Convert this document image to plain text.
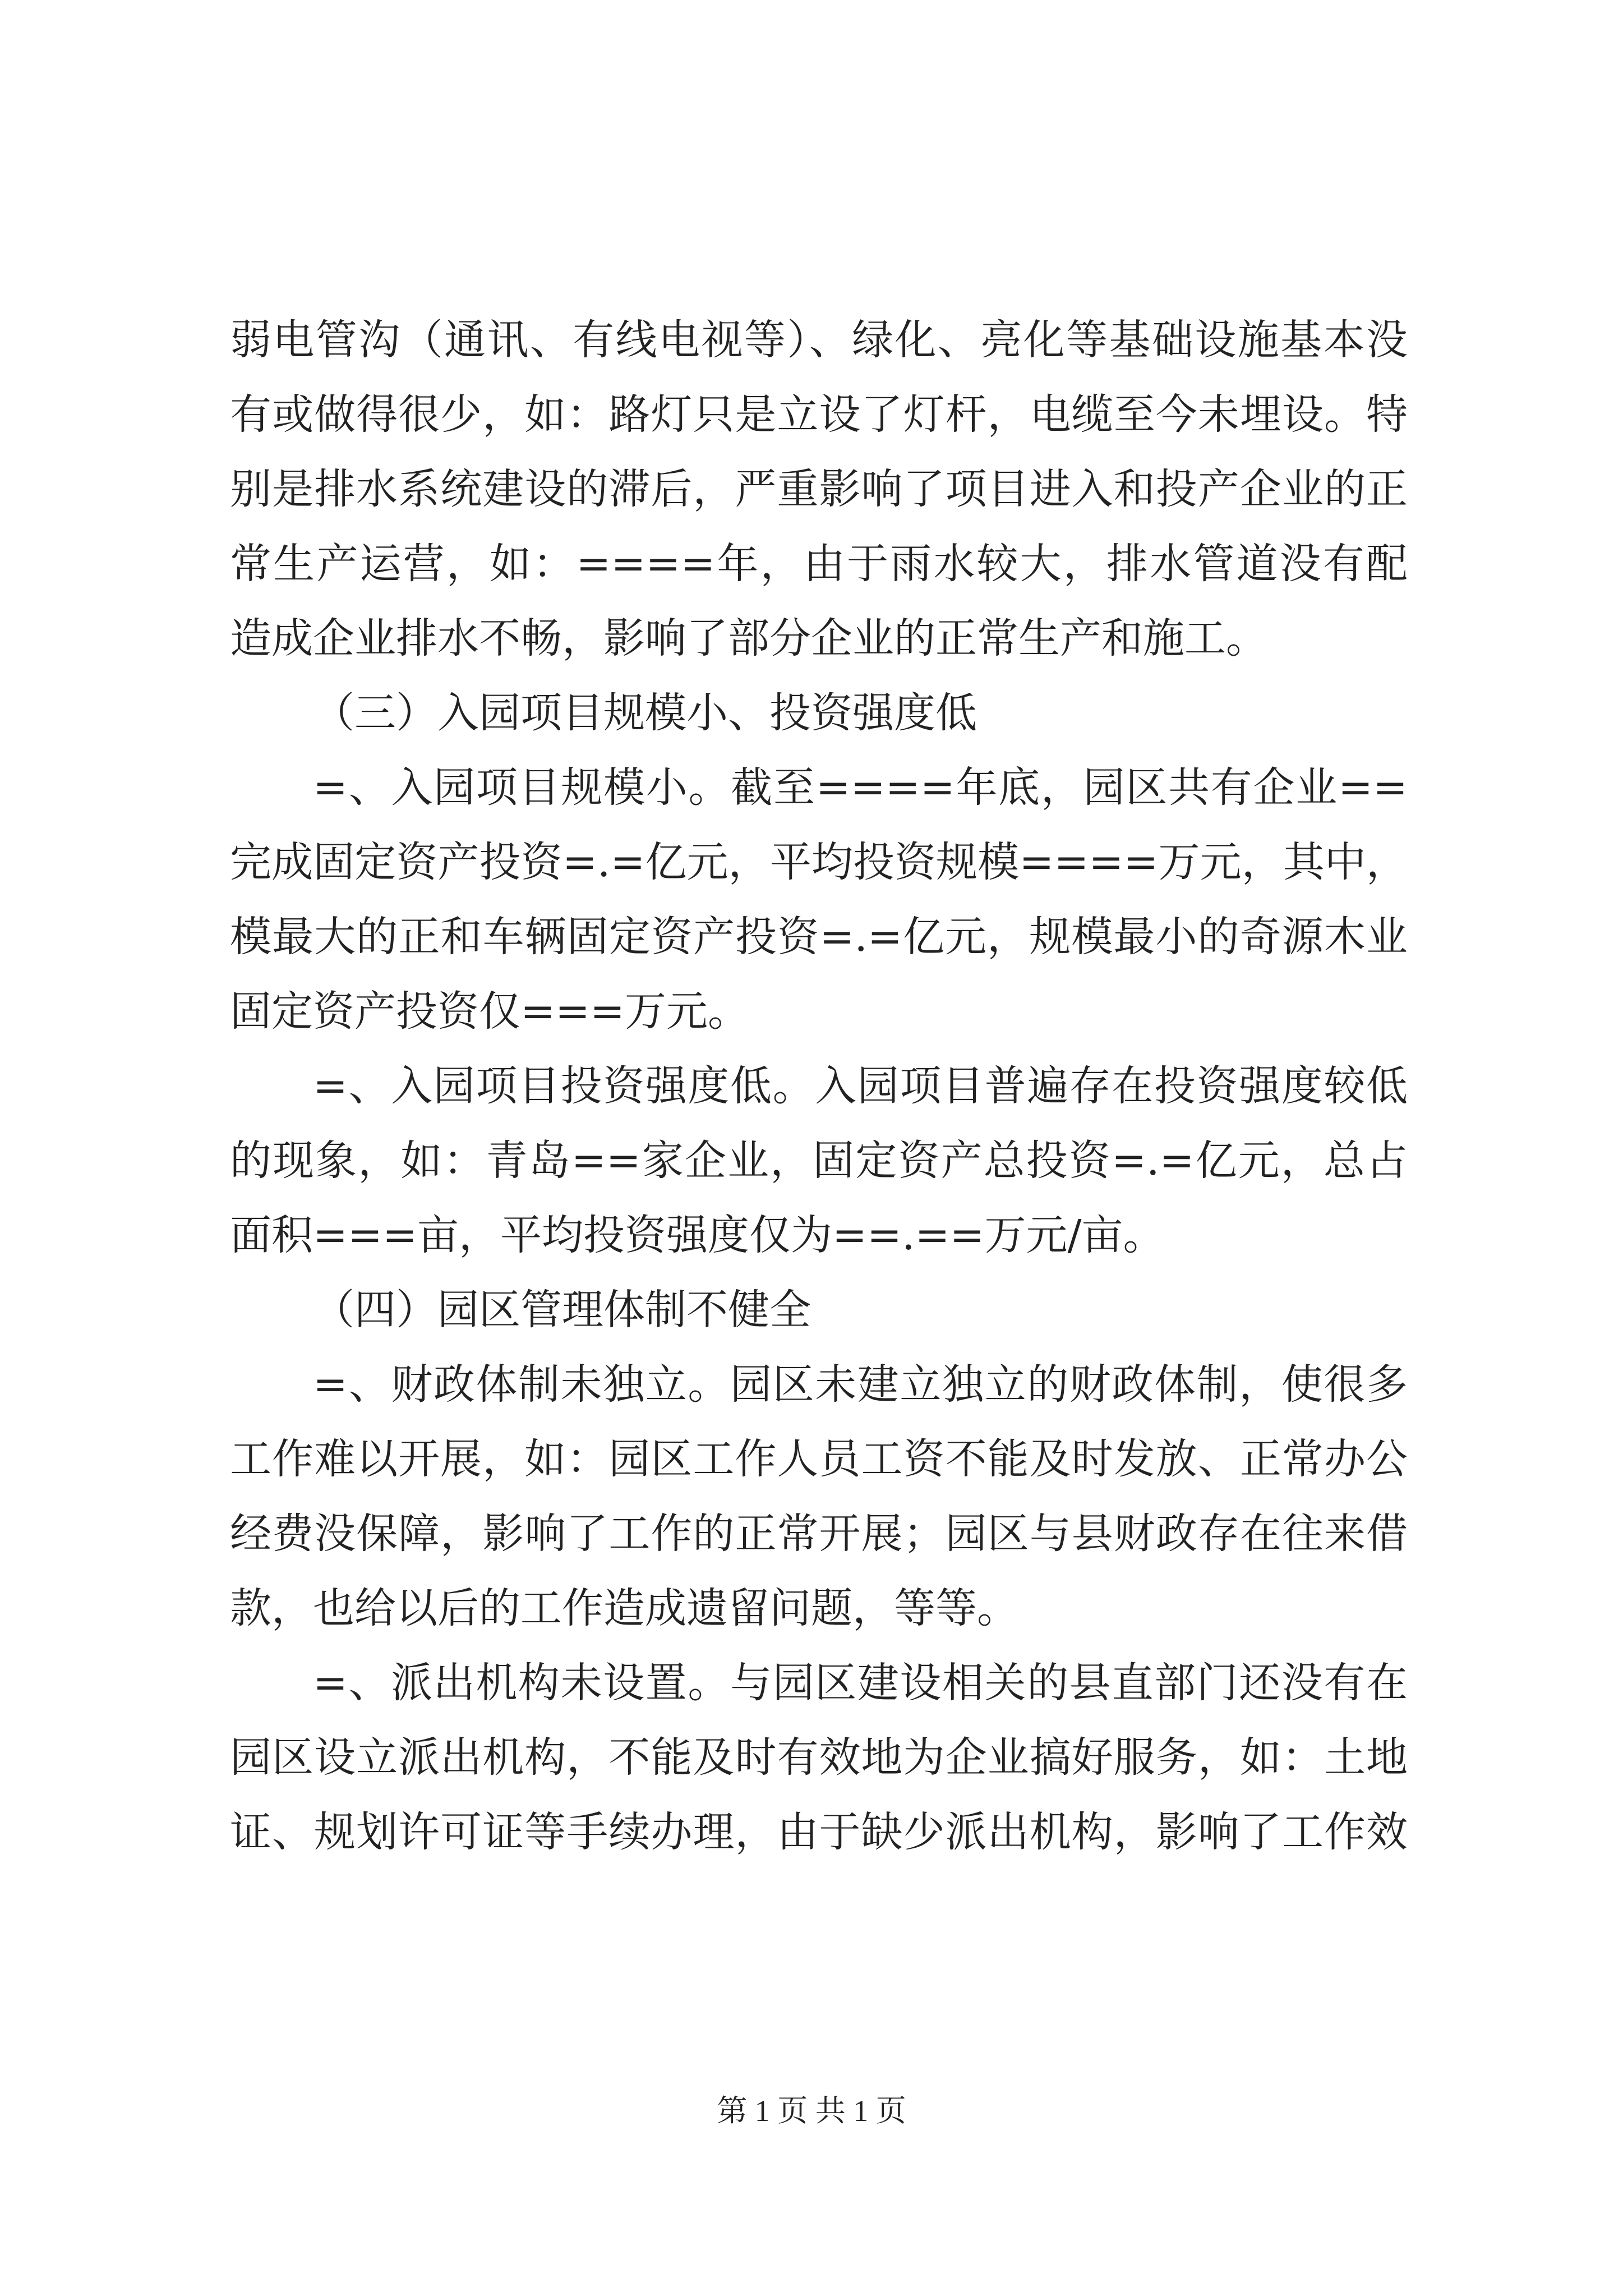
弱电管沟（通讯、有线电视等）、绿化、亮化等基础设施基本没
有或做得很少，如：路灯只是立设了灯杆，电缆至今未埋设。特
别是排水系统建设的滞后，严重影响了项目进入和投产企业的正
常生产运营，如：====年，由于雨水较大，排水管道没有配
造成企业排水不畅，影响了部分企业的正常生产和施工。
（三）入园项目规模小、投资强度低
=、入园项目规模小。截至====年底，园区共有企业==
完成固定资产投资=.=亿元，平均投资规模====万元，其中，
模最大的正和车辆固定资产投资=.=亿元，规模最小的奇源木业
固定资产投资仅===万元。
=、入园项目投资强度低。入园项目普遍存在投资强度较低
的现象，如：青岛==家企业，固定资产总投资=.=亿元，总占
面积===亩，平均投资强度仅为==.==万元/亩。
（四）园区管理体制不健全
=、财政体制未独立。园区未建立独立的财政体制，使很多
工作难以开展，如：园区工作人员工资不能及时发放、正常办公
经费没保障，影响了工作的正常开展；园区与县财政存在往来借
款，也给以后的工作造成遗留问题，等等。
=、派出机构未设置。与园区建设相关的县直部门还没有在
园区设立派出机构，不能及时有效地为企业搞好服务，如：土地
证、规划许可证等手续办理，由于缺少派出机构，影响了工作效
第 1 页 共 1 页
